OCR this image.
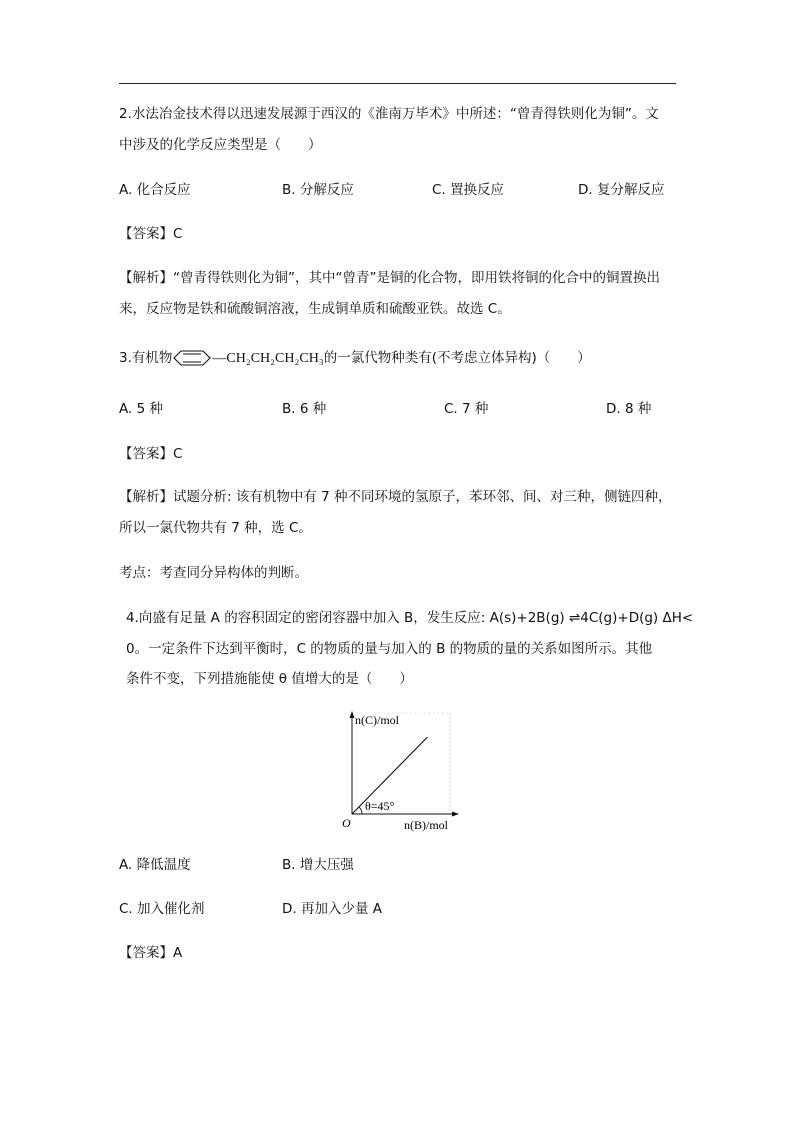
2.水法冶金技术得以迅速发展源于西汉的《淮南万毕术》中所述：“曾青得铁则化为铜”。文
中涉及的化学反应类型是（　　）
A. 化合反应	B. 分解反应	C. 置换反应	D. 复分解反应
【答案】C
【解析】“曾青得铁则化为铜”，其中“曾青”是铜的化合物，即用铁将铜的化合中的铜置换出
来，反应物是铁和硫酸铜溶液，生成铜单质和硫酸亚铁。故选 C。
3.有机物	—CH₂CH₂CH₂CH₃的一氯代物种类有(不考虑立体异构)（　　）
A. 5 种	B. 6 种	C. 7 种	D. 8 种
【答案】C
【解析】试题分析: 该有机物中有 7 种不同环境的氢原子，苯环邻、间、对三种，侧链四种，
所以一氯代物共有 7 种，选 C。
考点：考查同分异构体的判断。
4.向盛有足量 A 的容积固定的密闭容器中加入 B，发生反应: A(s)+2B(g) ⇌4C(g)+D(g) ΔH<
0。一定条件下达到平衡时，C 的物质的量与加入的 B 的物质的量的关系如图所示。其他
条件不变，下列措施能使 θ 值增大的是（　　）
n(C)/mol
n(B)/mol
O
θ=45°
A. 降低温度	B. 增大压强
C. 加入催化剂	D. 再加入少量 A
【答案】A
